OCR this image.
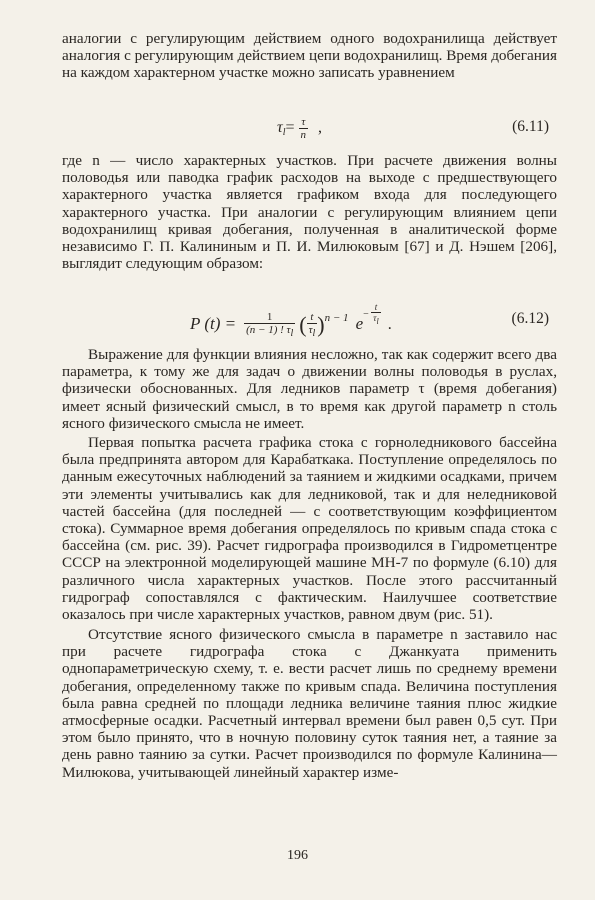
аналогии с регулирующим действием одного водохранилища действует аналогия с регулирующим действием цепи водохранилищ. Время добегания на каждом характерном участке можно записать уравнением

$\tau_l= \frac{\tau}{n}$ ,	(6.11)

где n — число характерных участков. При расчете движения волны половодья или паводка график расходов на выходе с предшествующего характерного участка является графиком входа для последующего характерного участка. При аналогии с регулирующим влиянием цепи водохранилищ кривая добегания, полученная в аналитической форме независимо Г. П. Калининым и П. И. Милюковым [67] и Д. Нэшем [206], выглядит следующим образом:

P $(t) = \frac{1}{(n - 1) ! \tau l}$ ( $\frac{t}{\tau l} )^{n - 1}$ $e- \frac{t}{\tau l}$ .	(6.12)

Выражение для функции влияния несложно, так как содержит всего два параметра, к тому же для задач о движении волны половодья в руслах, физически обоснованных. Для ледников параметр τ (время добегания) имеет ясный физический смысл, в то время как другой параметр n столь ясного физического смысла не имеет.

Первая попытка расчета графика стока с горноледникового бассейна была предпринята автором для Карабаткака. Поступление определялось по данным ежесуточных наблюдений за таянием и жидкими осадками, причем эти элементы учитывались как для ледниковой, так и для неледниковой частей бассейна (для последней — с соответствующим коэффициентом стока). Суммарное время добегания определялось по кривым спада стока с бассейна (см. рис. 39). Расчет гидрографа производился в Гидрометцентре СССР на электронной моделирующей машине МН-7 по формуле (6.10) для различного числа характерных участков. После этого рассчитанный гидрограф сопоставлялся с фактическим. Наилучшее соответствие оказалось при числе характерных участков, равном двум (рис. 51).

Отсутствие ясного физического смысла в параметре n заставило нас при расчете гидрографа стока с Джанкуата применить однопараметрическую схему, т. е. вести расчет лишь по среднему времени добегания, определенному также по кривым спада. Величина поступления была равна средней по площади ледника величине таяния плюс жидкие атмосферные осадки. Расчетный интервал времени был равен 0,5 сут. При этом было принято, что в ночную половину суток таяния нет, а таяние за день равно таянию за сутки. Расчет производился по формуле Калинина—Милюкова, учитывающей линейный характер изме-

196
